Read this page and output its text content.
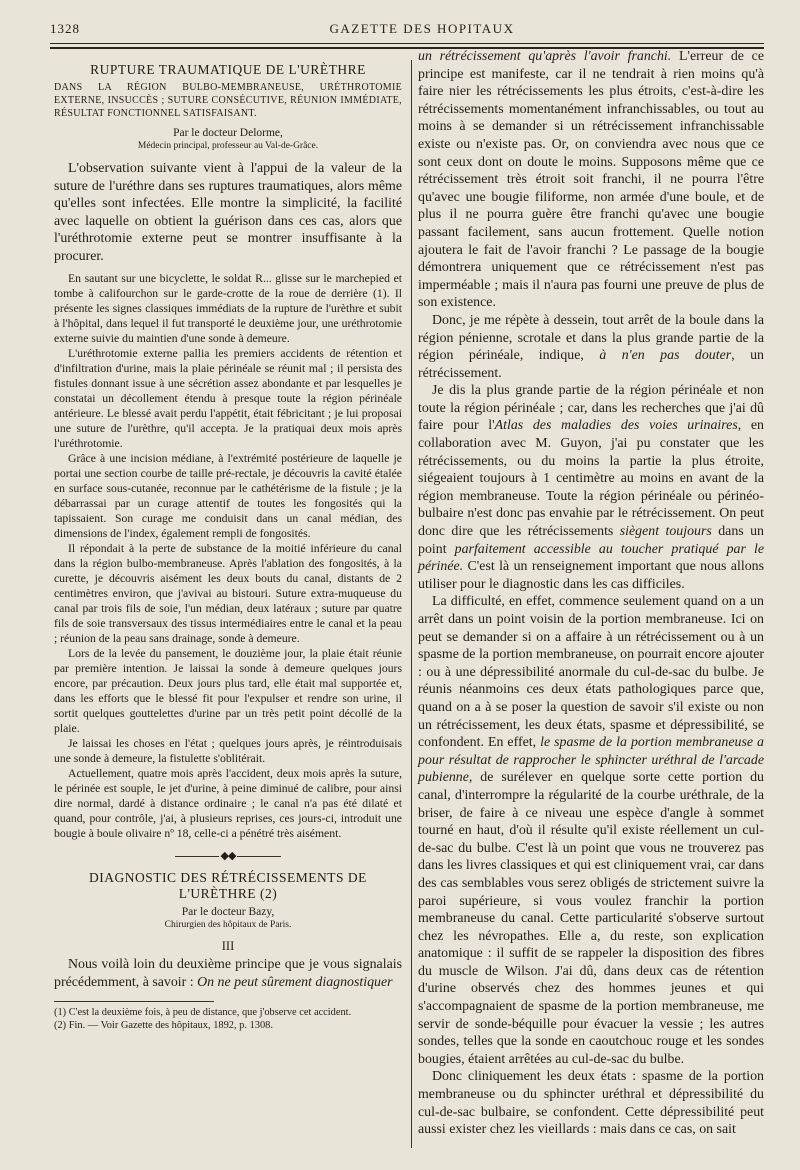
1328	GAZETTE DES HOPITAUX
RUPTURE TRAUMATIQUE DE L'URÈTHRE
DANS LA RÉGION BULBO-MEMBRANEUSE, URÉTHROTOMIE EXTERNE, INSUCCÈS ; SUTURE CONSÉCUTIVE, RÉUNION IMMÉDIATE, RÉSULTAT FONCTIONNEL SATISFAISANT.
Par le docteur Delorme,
Médecin principal, professeur au Val-de-Grâce.

L'observation suivante vient à l'appui de la valeur de la suture de l'uréthre dans ses ruptures traumatiques, alors même qu'elles sont infectées. Elle montre la simplicité, la facilité avec laquelle on obtient la guérison dans ces cas, alors que l'uréthrotomie externe peut se montrer insuffisante à la procurer.

En sautant sur une bicyclette, le soldat R... glisse sur le marchepied et tombe à califourchon sur le garde-crotte de la roue de derrière (1). Il présente les signes classiques immédiats de la rupture de l'urèthre et subit à l'hôpital, dans lequel il fut transporté le deuxième jour, une uréthrotomie externe suivie du maintien d'une sonde à demeure.

L'uréthrotomie externe pallia les premiers accidents de rétention et d'infiltration d'urine, mais la plaie périnéale se réunit mal ; il persista des fistules donnant issue à une sécrétion assez abondante et par lesquelles je constatai un décollement étendu à presque toute la région périnéale antérieure. Le blessé avait perdu l'appétit, était fébricitant ; je lui proposai une suture de l'urèthre, qu'il accepta. Je la pratiquai deux mois après l'uréthrotomie.

Grâce à une incision médiane, à l'extrémité postérieure de laquelle je portai une section courbe de taille pré-rectale, je découvris la cavité étalée en surface sous-cutanée, reconnue par le cathétérisme de la fistule ; je la débarrassai par un curage attentif de toutes les fongosités qui la tapissaient. Son curage me conduisit dans un canal médian, des dimensions de l'index, également rempli de fongosités.

Il répondait à la perte de substance de la moitié inférieure du canal dans la région bulbo-membraneuse. Après l'ablation des fongosités, à la curette, je découvris aisément les deux bouts du canal, distants de 2 centimètres environ, que j'avivai au bistouri. Suture extra-muqueuse du canal par trois fils de soie, l'un médian, deux latéraux ; suture par quatre fils de soie transversaux des tissus intermédiaires entre le canal et la peau ; réunion de la peau sans drainage, sonde à demeure.

Lors de la levée du pansement, le douzième jour, la plaie était réunie par première intention. Je laissai la sonde à demeure quelques jours encore, par précaution. Deux jours plus tard, elle était mal supportée et, dans les efforts que le blessé fit pour l'expulser et rendre son urine, il sortit quelques gouttelettes d'urine par un très petit point décollé de la plaie.

Je laissai les choses en l'état ; quelques jours après, je réintroduisais une sonde à demeure, la fistulette s'oblitérait.

Actuellement, quatre mois après l'accident, deux mois après la suture, le périnée est souple, le jet d'urine, à peine diminué de calibre, pour ainsi dire normal, dardé à distance ordinaire ; le canal n'a pas été dilaté et quand, pour contrôle, j'ai, à plusieurs reprises, ces jours-ci, introduit une bougie à boule olivaire nº 18, celle-ci a pénétré très aisément.

◆◆
DIAGNOSTIC DES RÉTRÉCISSEMENTS DE L'URÈTHRE (2)
Par le docteur Bazy,
Chirurgien des hôpitaux de Paris.
III

Nous voilà loin du deuxième principe que je vous signalais précédemment, à savoir : On ne peut sûrement diagnostiquer

(1) C'est la deuxième fois, à peu de distance, que j'observe cet accident.

(2) Fin. — Voir Gazette des hôpitaux, 1892, p. 1308.

un rétrécissement qu'après l'avoir franchi. L'erreur de ce principe est manifeste, car il ne tendrait à rien moins qu'à faire nier les rétrécissements les plus étroits, c'est-à-dire les rétrécissements momentanément infranchissables, ou tout au moins à se demander si un rétrécissement infranchissable existe ou n'existe pas. Or, on conviendra avec nous que ce sont ceux dont on doute le moins. Supposons même que ce rétrécissement très étroit soit franchi, il ne pourra l'être qu'avec une bougie filiforme, non armée d'une boule, et de plus il ne pourra guère être franchi qu'avec une bougie passant facilement, sans aucun frottement. Quelle notion ajoutera le fait de l'avoir franchi ? Le passage de la bougie démontrera uniquement que ce rétrécissement n'est pas imperméable ; mais il n'aura pas fourni une preuve de plus de son existence.

Donc, je me répète à dessein, tout arrêt de la boule dans la région pénienne, scrotale et dans la plus grande partie de la région périnéale, indique, à n'en pas douter, un rétrécissement.

Je dis la plus grande partie de la région périnéale et non toute la région périnéale ; car, dans les recherches que j'ai dû faire pour l'Atlas des maladies des voies urinaires, en collaboration avec M. Guyon, j'ai pu constater que les rétrécissements, ou du moins la partie la plus étroite, siégeaient toujours à 1 centimètre au moins en avant de la région membraneuse. Toute la région périnéale ou périnéo-bulbaire n'est donc pas envahie par le rétrécissement. On peut donc dire que les rétrécissements siègent toujours dans un point parfaitement accessible au toucher pratiqué par le périnée. C'est là un renseignement important que nous allons utiliser pour le diagnostic dans les cas difficiles.

La difficulté, en effet, commence seulement quand on a un arrêt dans un point voisin de la portion membraneuse. Ici on peut se demander si on a affaire à un rétrécissement ou à un spasme de la portion membraneuse, on pourrait encore ajouter : ou à une dépressibilité anormale du cul-de-sac du bulbe. Je réunis néanmoins ces deux états pathologiques parce que, quand on a à se poser la question de savoir s'il existe ou non un rétrécissement, les deux états, spasme et dépressibilité, se confondent. En effet, le spasme de la portion membraneuse a pour résultat de rapprocher le sphincter uréthral de l'arcade pubienne, de surélever en quelque sorte cette portion du canal, d'interrompre la régularité de la courbe uréthrale, de la briser, de faire à ce niveau une espèce d'angle à sommet tourné en haut, d'où il résulte qu'il existe réellement un cul-de-sac du bulbe. C'est là un point que vous ne trouverez pas dans les livres classiques et qui est cliniquement vrai, car dans des cas semblables vous serez obligés de strictement suivre la paroi supérieure, si vous voulez franchir la portion membraneuse du canal. Cette particularité s'observe surtout chez les névropathes. Elle a, du reste, son explication anatomique : il suffit de se rappeler la disposition des fibres du muscle de Wilson. J'ai dû, dans deux cas de rétention d'urine observés chez des hommes jeunes et qui s'accompagnaient de spasme de la portion membraneuse, me servir de sonde-béquille pour évacuer la vessie ; les autres sondes, telles que la sonde en caoutchouc rouge et les sondes bougies, étaient arrêtées au cul-de-sac du bulbe.

Donc cliniquement les deux états : spasme de la portion membraneuse ou du sphincter uréthral et dépressibilité du cul-de-sac bulbaire, se confondent. Cette dépressibilité peut aussi exister chez les vieillards : mais dans ce cas, on sait
